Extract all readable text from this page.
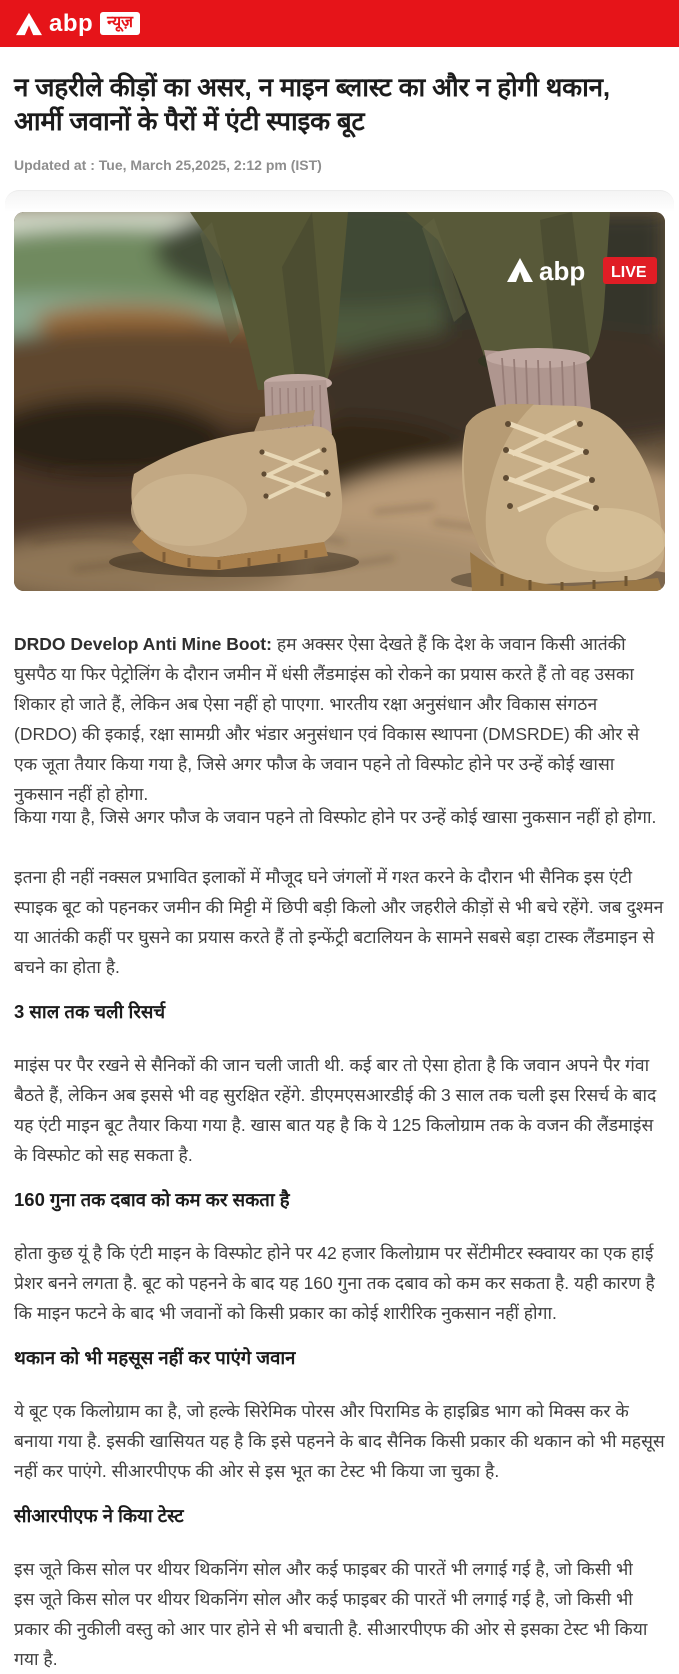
abp न्यूज़
न जहरीले कीड़ों का असर, न माइन ब्लास्ट का और न होगी थकान, आर्मी जवानों के पैरों में एंटी स्पाइक बूट
Updated at : Tue, March 25,2025, 2:12 pm (IST)
abp LIVE

DRDO Develop Anti Mine Boot: हम अक्सर ऐसा देखते हैं कि देश के जवान किसी आतंकी घुसपैठ या फिर पेट्रोलिंग के दौरान जमीन में धंसी लैंडमाइंस को रोकने का प्रयास करते हैं तो वह उसका शिकार हो जाते हैं, लेकिन अब ऐसा नहीं हो पाएगा. भारतीय रक्षा अनुसंधान और विकास संगठन (DRDO) की इकाई, रक्षा सामग्री और भंडार अनुसंधान एवं विकास स्थापना (DMSRDE) की ओर से एक जूता तैयार किया गया है, जिसे अगर फौज के जवान पहने तो विस्फोट होने पर उन्हें कोई खासा नुकसान नहीं हो होगा.

किया गया है, जिसे अगर फौज के जवान पहने तो विस्फोट होने पर उन्हें कोई खासा नुकसान नहीं हो होगा.

इतना ही नहीं नक्सल प्रभावित इलाकों में मौजूद घने जंगलों में गश्त करने के दौरान भी सैनिक इस एंटी स्पाइक बूट को पहनकर जमीन की मिट्टी में छिपी बड़ी किलो और जहरीले कीड़ों से भी बचे रहेंगे. जब दुश्मन या आतंकी कहीं पर घुसने का प्रयास करते हैं तो इन्फेंट्री बटालियन के सामने सबसे बड़ा टास्क लैंडमाइन से बचने का होता है.

3 साल तक चली रिसर्च

माइंस पर पैर रखने से सैनिकों की जान चली जाती थी. कई बार तो ऐसा होता है कि जवान अपने पैर गंवा बैठते हैं, लेकिन अब इससे भी वह सुरक्षित रहेंगे. डीएमएसआरडीई की 3 साल तक चली इस रिसर्च के बाद यह एंटी माइन बूट तैयार किया गया है. खास बात यह है कि ये 125 किलोग्राम तक के वजन की लैंडमाइंस के विस्फोट को सह सकता है.

160 गुना तक दबाव को कम कर सकता है

होता कुछ यूं है कि एंटी माइन के विस्फोट होने पर 42 हजार किलोग्राम पर सेंटीमीटर स्क्वायर का एक हाई प्रेशर बनने लगता है. बूट को पहनने के बाद यह 160 गुना तक दबाव को कम कर सकता है. यही कारण है कि माइन फटने के बाद भी जवानों को किसी प्रकार का कोई शारीरिक नुकसान नहीं होगा.

थकान को भी महसूस नहीं कर पाएंगे जवान

ये बूट एक किलोग्राम का है, जो हल्के सिरेमिक पोरस और पिरामिड के हाइब्रिड भाग को मिक्स कर के बनाया गया है. इसकी खासियत यह है कि इसे पहनने के बाद सैनिक किसी प्रकार की थकान को भी महसूस नहीं कर पाएंगे. सीआरपीएफ की ओर से इस भूत का टेस्ट भी किया जा चुका है.

सीआरपीएफ ने किया टेस्ट

इस जूते किस सोल पर थीयर थिकनिंग सोल और कई फाइबर की पारतें भी लगाई गई है, जो किसी भी

इस जूते किस सोल पर थीयर थिकनिंग सोल और कई फाइबर की पारतें भी लगाई गई है, जो किसी भी प्रकार की नुकीली वस्तु को आर पार होने से भी बचाती है. सीआरपीएफ की ओर से इसका टेस्ट भी किया गया है.
